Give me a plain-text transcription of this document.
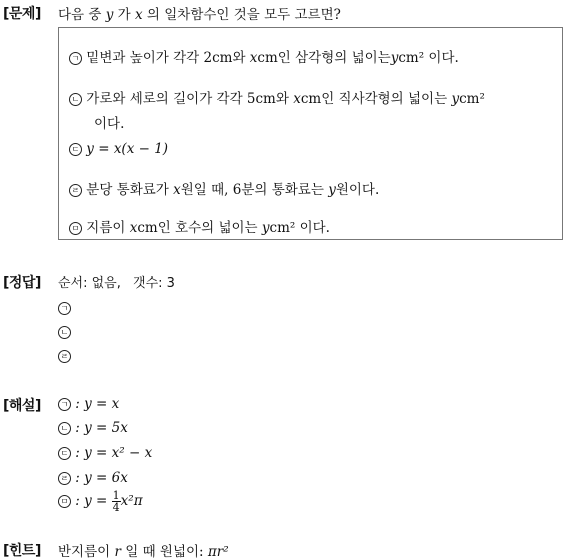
[문제] 다음 중 y 가 x 의 일차함수인 것을 모두 고르면?
ㄱ 밑변과 높이가 각각 2cm와 xcm인 삼각형의 넓이는ycm² 이다.
ㄴ 가로와 세로의 길이가 각각 5cm와 xcm인 직사각형의 넓이는 ycm²
이다.
ㄷ y = x(x − 1)
ㄹ 분당 통화료가 x원일 때, 6분의 통화료는 y원이다.
ㅁ 지름이 xcm인 호수의 넓이는 ycm² 이다.
[정답] 순서: 없음, 갯수: 3
ㄱ
ㄴ
ㄹ
[해설]	ㄱ : y = x
ㄴ : y = 5x
ㄷ : y = x² − x
ㄹ : y = 6x
ㅁ : $y = \frac{1}{4} x^2\pi$
[힌트] 반지름이 r 일 때 원넓이: πr²
